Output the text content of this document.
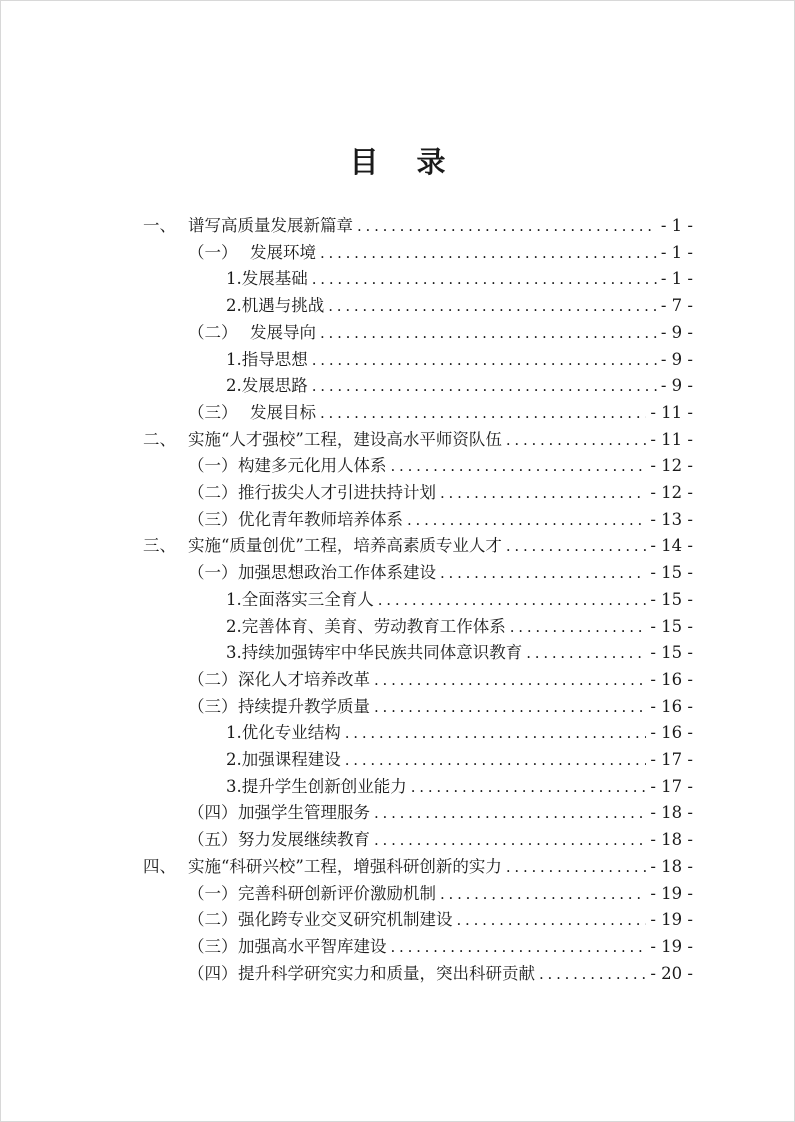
目 录
一、 谱写高质量发展新篇章 . . .	- 1 -
（一） 发展环境 . . .	- 1 -
1. 发展基础 . . .	- 1 -
2. 机遇与挑战 . . .	- 7 -
（二） 发展导向 . . .	- 9 -
1. 指导思想 . . .	- 9 -
2. 发展思路 . . .	- 9 -
（三） 发展目标 . . .	- 11 -
二、 实施“人才强校”工程，建设高水平师资队伍 . . .	- 11 -
（一） 构建多元化用人体系 . . .	- 12 -
（二） 推行拔尖人才引进扶持计划 . . .	- 12 -
（三） 优化青年教师培养体系 . . .	- 13 -
三、 实施“质量创优”工程，培养高素质专业人才 . . .	- 14 -
（一） 加强思想政治工作体系建设 . . .	- 15 -
1. 全面落实三全育人 . . .	- 15 -
2. 完善体育、美育、劳动教育工作体系 . . .	- 15 -
3. 持续加强铸牢中华民族共同体意识教育 . . .	- 15 -
（二） 深化人才培养改革 . . .	- 16 -
（三） 持续提升教学质量 . . .	- 16 -
1. 优化专业结构 . . .	- 16 -
2. 加强课程建设 . . .	- 17 -
3. 提升学生创新创业能力 . . .	- 17 -
（四） 加强学生管理服务 . . .	- 18 -
（五） 努力发展继续教育 . . .	- 18 -
四、 实施“科研兴校”工程，增强科研创新的实力 . . .	- 18 -
（一） 完善科研创新评价激励机制 . . .	- 19 -
（二） 强化跨专业交叉研究机制建设 . . .	- 19 -
（三） 加强高水平智库建设 . . .	- 19 -
（四） 提升科学研究实力和质量，突出科研贡献 . . .	- 20 -
